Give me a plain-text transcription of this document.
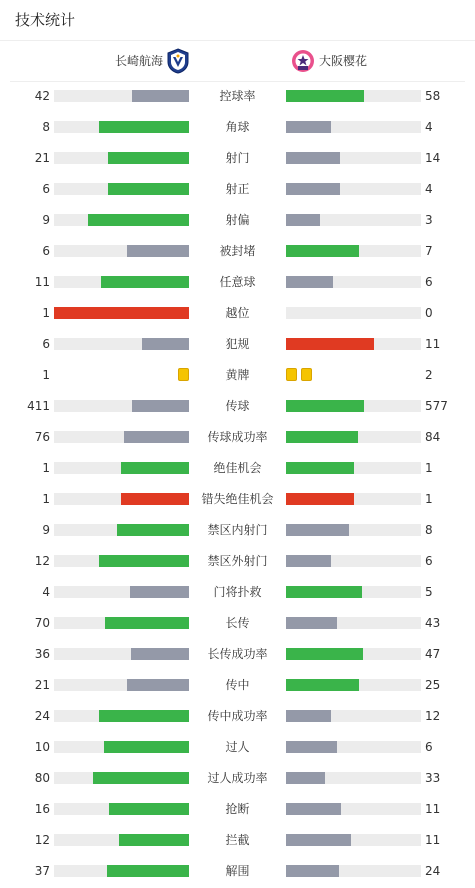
技术统计
长崎航海	大阪樱花
42	控球率	58
8	角球	4
21	射门	14
6	射正	4
9	射偏	3
6	被封堵	7
11	任意球	6
1	越位	0
6	犯规	11
1	黄牌	2
411	传球	577
76	传球成功率	84
1	绝佳机会	1
1	错失绝佳机会	1
9	禁区内射门	8
12	禁区外射门	6
4	门将扑救	5
70	长传	43
36	长传成功率	47
21	传中	25
24	传中成功率	12
10	过人	6
80	过人成功率	33
16	抢断	11
12	拦截	11
37	解围	24
